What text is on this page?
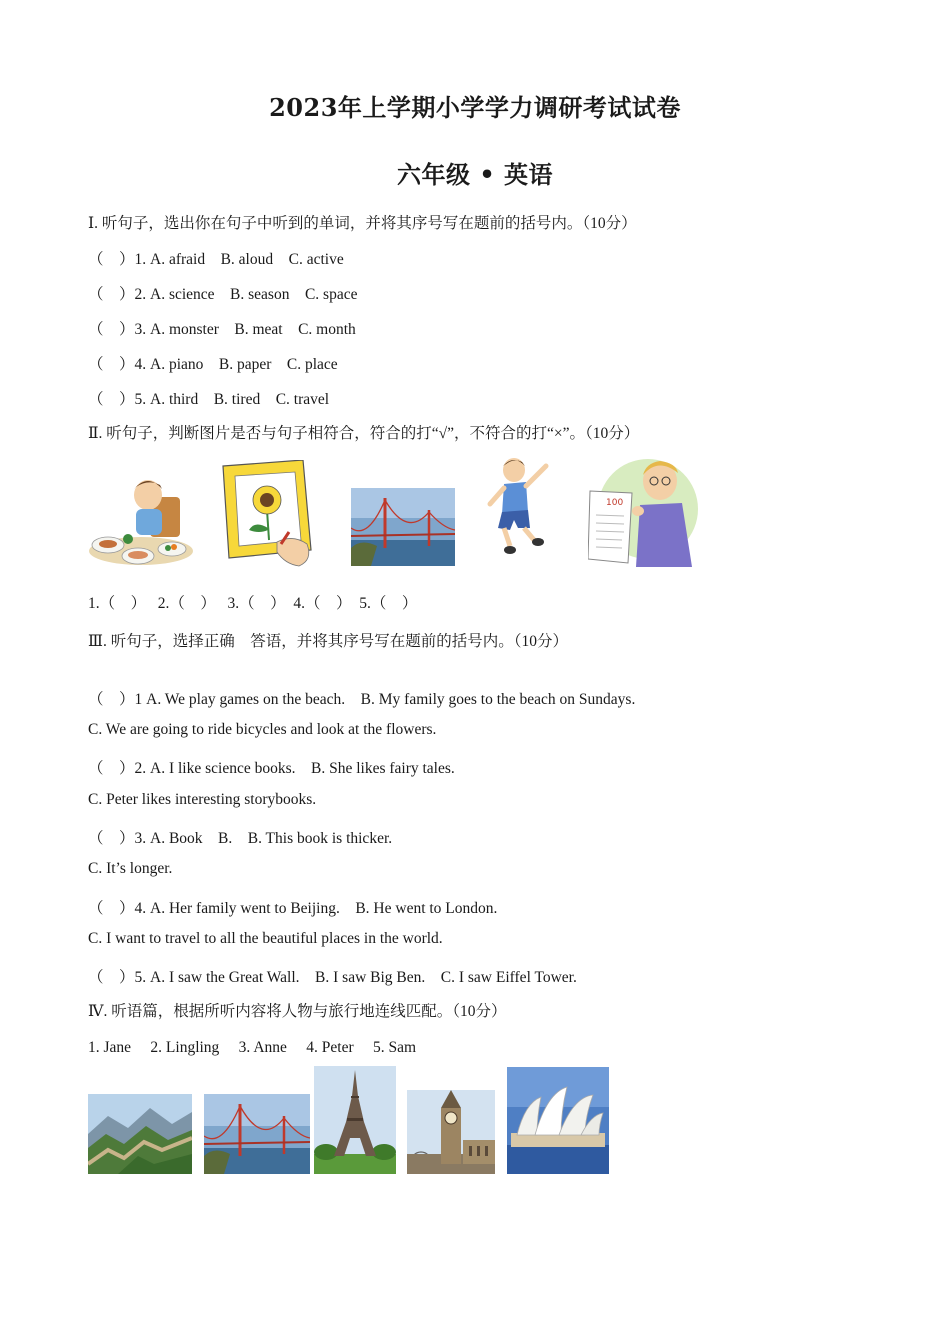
2023年上学期小学学力调研考试试卷
六年级 • 英语
Ⅰ. 听句子，选出你在句子中听到的单词，并将其序号写在题前的括号内。（10分）
（　）1. A. afraid　B. aloud　C. active
（　）2. A. science　B. season　C. space
（　）3. A. monster　B. meat　C. month
（　）4. A. piano　B. paper　C. place
（　）5. A. third　B. tired　C. travel
Ⅱ. 听句子，判断图片是否与句子相符合，符合的打“√”，不符合的打“×”。（10分）
100
1.（　）　 2.（　）　 3.（　）　4.（　）　5.（　）
Ⅲ. 听句子，选择正确　答语，并将其序号写在题前的括号内。（10分）
（　）1 A. We play games on the beach.　B. My family goes to the beach on Sundays.
C. We are going to ride bicycles and look at the flowers.
（　）2. A. I like science books.　B. She likes fairy tales.
C. Peter likes interesting storybooks.
（　）3. A. Book　B.　B. This book is thicker.
C. It’s longer.
（　）4. A. Her family went to Beijing.　B. He went to London.
C. I want to travel to all the beautiful places in the world.
（　）5. A. I saw the Great Wall.　B. I saw Big Ben.　C. I saw Eiffel Tower.
Ⅳ. 听语篇，根据所听内容将人物与旅行地连线匹配。（10分）
1. Jane　 2. Lingling　 3. Anne　 4. Peter　 5. Sam
